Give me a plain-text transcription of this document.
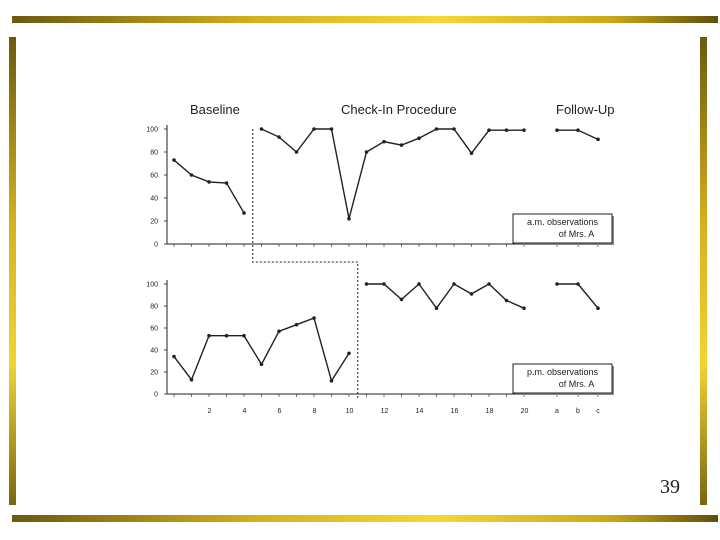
Baseline	Check-In Procedure	Follow-Up
0
20
40
60
80
100
a.m. observations
of Mrs. A
0
20
40
60
80
100
p.m. observations
of Mrs. A
2	4	6	8	10	12	14	16	18	20	a b c
39
